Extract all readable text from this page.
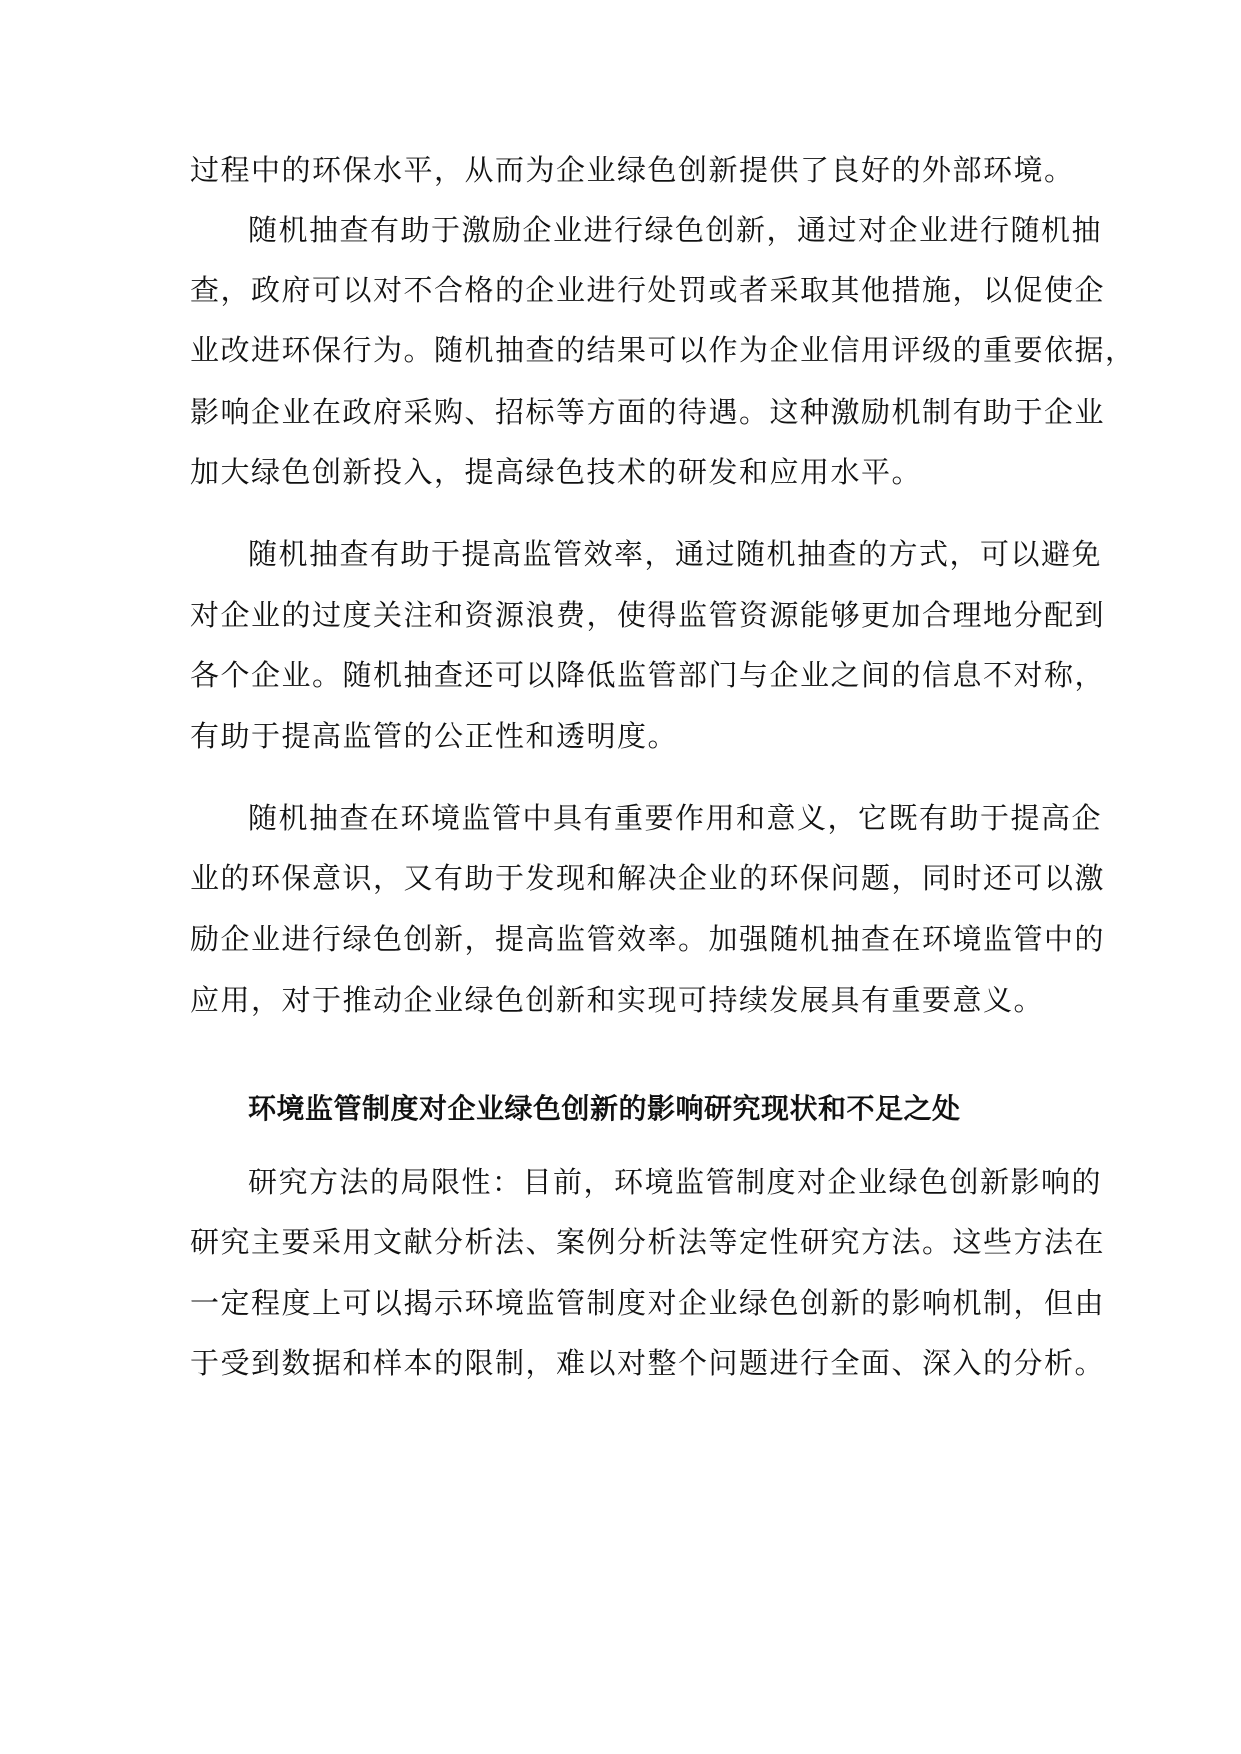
过程中的环保水平，从而为企业绿色创新提供了良好的外部环境。
随机抽查有助于激励企业进行绿色创新，通过对企业进行随机抽
查，政府可以对不合格的企业进行处罚或者采取其他措施，以促使企
业改进环保行为。随机抽查的结果可以作为企业信用评级的重要依据，
影响企业在政府采购、招标等方面的待遇。这种激励机制有助于企业
加大绿色创新投入，提高绿色技术的研发和应用水平。
随机抽查有助于提高监管效率，通过随机抽查的方式，可以避免
对企业的过度关注和资源浪费，使得监管资源能够更加合理地分配到
各个企业。随机抽查还可以降低监管部门与企业之间的信息不对称，
有助于提高监管的公正性和透明度。
随机抽查在环境监管中具有重要作用和意义，它既有助于提高企
业的环保意识，又有助于发现和解决企业的环保问题，同时还可以激
励企业进行绿色创新，提高监管效率。加强随机抽查在环境监管中的
应用，对于推动企业绿色创新和实现可持续发展具有重要意义。
环境监管制度对企业绿色创新的影响研究现状和不足之处
研究方法的局限性：目前，环境监管制度对企业绿色创新影响的
研究主要采用文献分析法、案例分析法等定性研究方法。这些方法在
一定程度上可以揭示环境监管制度对企业绿色创新的影响机制，但由
于受到数据和样本的限制，难以对整个问题进行全面、深入的分析。
